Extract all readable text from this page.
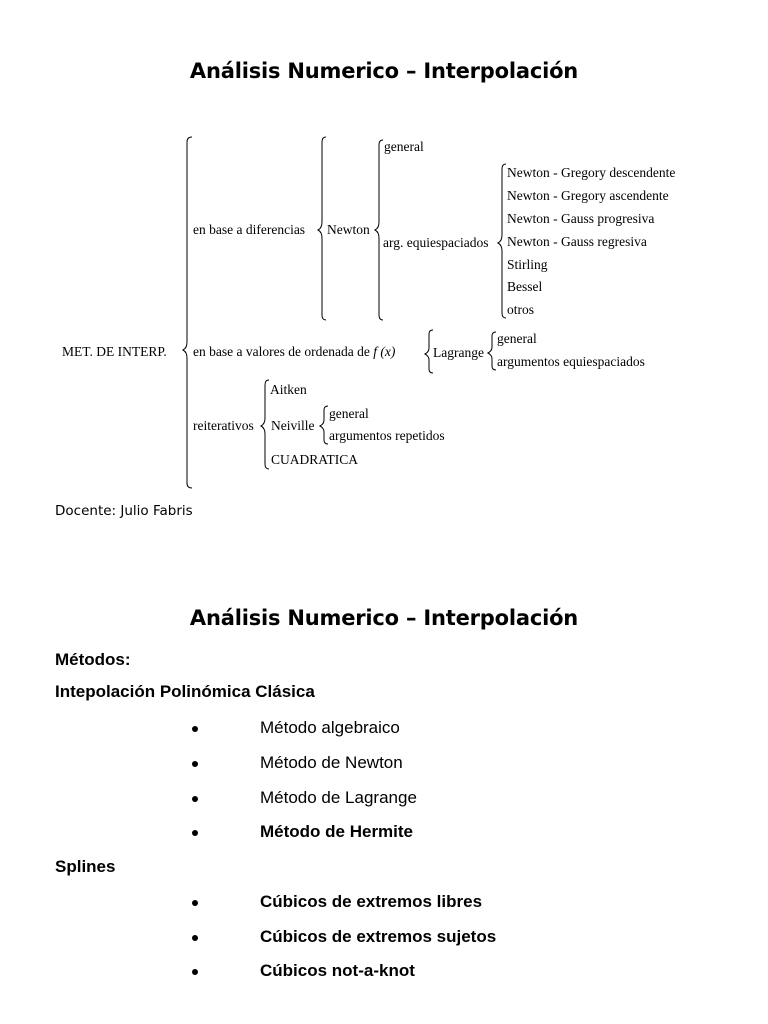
Análisis Numerico – Interpolación
MET. DE INTERP.
en base a diferencias Newton
general
arg. equiespaciados
Newton - Gregory descendente
Newton - Gregory ascendente
Newton - Gauss progresiva
Newton - Gauss regresiva
Stirling
Bessel
otros
en base a valores de ordenada de f (x)	Lagrange
general
argumentos equiespaciados
reiterativos
Aitken
Neiville
general
argumentos repetidos
CUADRATICA
Docente: Julio Fabris
Análisis Numerico – Interpolación
Métodos:
Intepolación Polinómica Clásica
Método algebraico
Método de Newton
Método de Lagrange
Método de Hermite
Splines
Cúbicos de extremos libres
Cúbicos de extremos sujetos
Cúbicos not-a-knot
